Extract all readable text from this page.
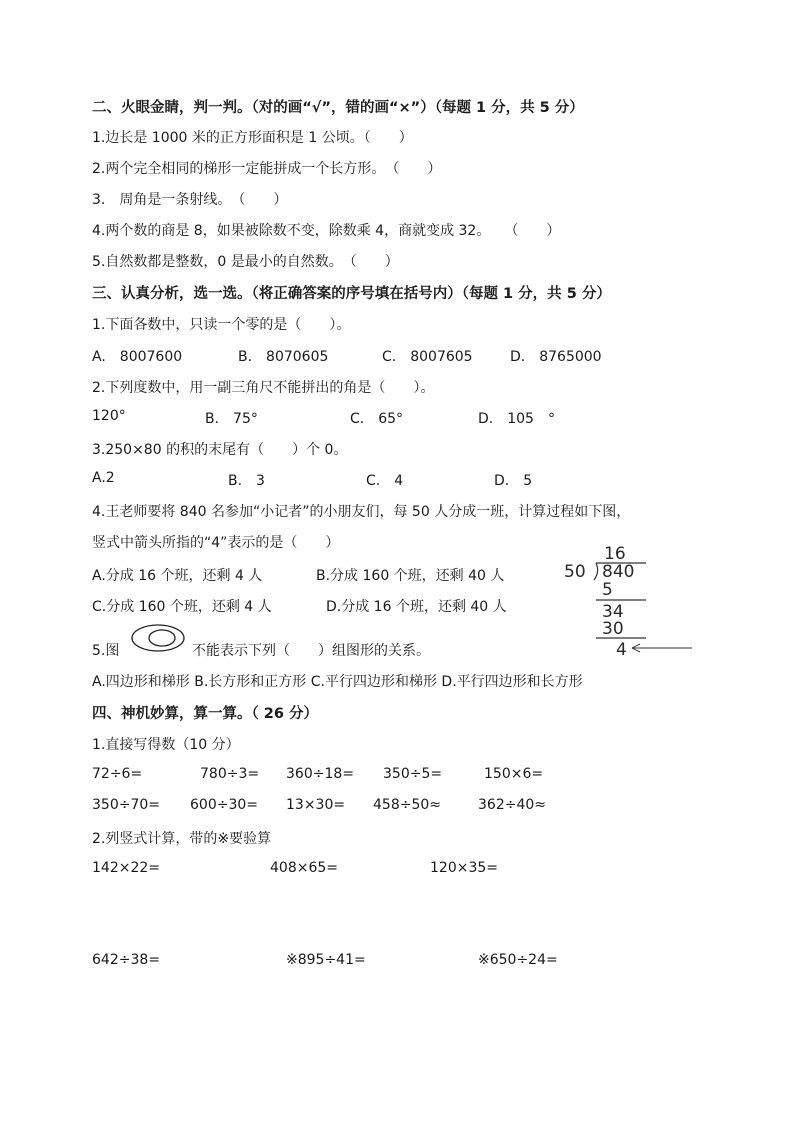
二、火眼金睛，判一判。（对的画“√”，错的画“×”）（每题 1 分，共 5 分）
1.边长是 1000 米的正方形面积是 1 公顷。（　　）
2.两个完全相同的梯形一定能拼成一个长方形。　（　　）
3.　周角是一条射线。　（　　）
4.两个数的商是 8，如果被除数不变，除数乘 4，商就变成 32。　　（　　）
5.自然数都是整数，0 是最小的自然数。　（　　）
三、认真分析，选一选。（将正确答案的序号填在括号内）（每题 1 分，共 5 分）
1.下面各数中，只读一个零的是（　　）。
A.　8007600	B.　8070605	C.　8007605	D.　8765000
2.下列度数中，用一副三角尺不能拼出的角是（　　）。
120°	B.　75°	C.　65°	D.　105　°
3.250×80 的积的末尾有（　　）个 0。
A.2	B.　3	C.　4	D.　5
4.王老师要将 840 名参加“小记者”的小朋友们，每 50 人分成一班，计算过程如下图，
竖式中箭头所指的“4”表示的是（　　）
A.分成 16 个班，还剩 4 人	B.分成 160 个班，还剩 40 人
C.分成 160 个班，还剩 4 人	D.分成 16 个班，还剩 40 人
16
50 840
5
34
30
4
5.图	不能表示下列（　　）组图形的关系。
A.四边形和梯形 B.长方形和正方形 C.平行四边形和梯形 D.平行四边形和长方形
四、神机妙算，算一算。（ 26 分）
1.直接写得数（10 分）
72÷6=	780÷3= 360÷18= 350÷5=	150×6=
350÷70= 600÷30= 13×30= 458÷50≈	362÷40≈
2.列竖式计算，带的※要验算
142×22=	408×65=	120×35=
642÷38=	※895÷41=	※650÷24=
